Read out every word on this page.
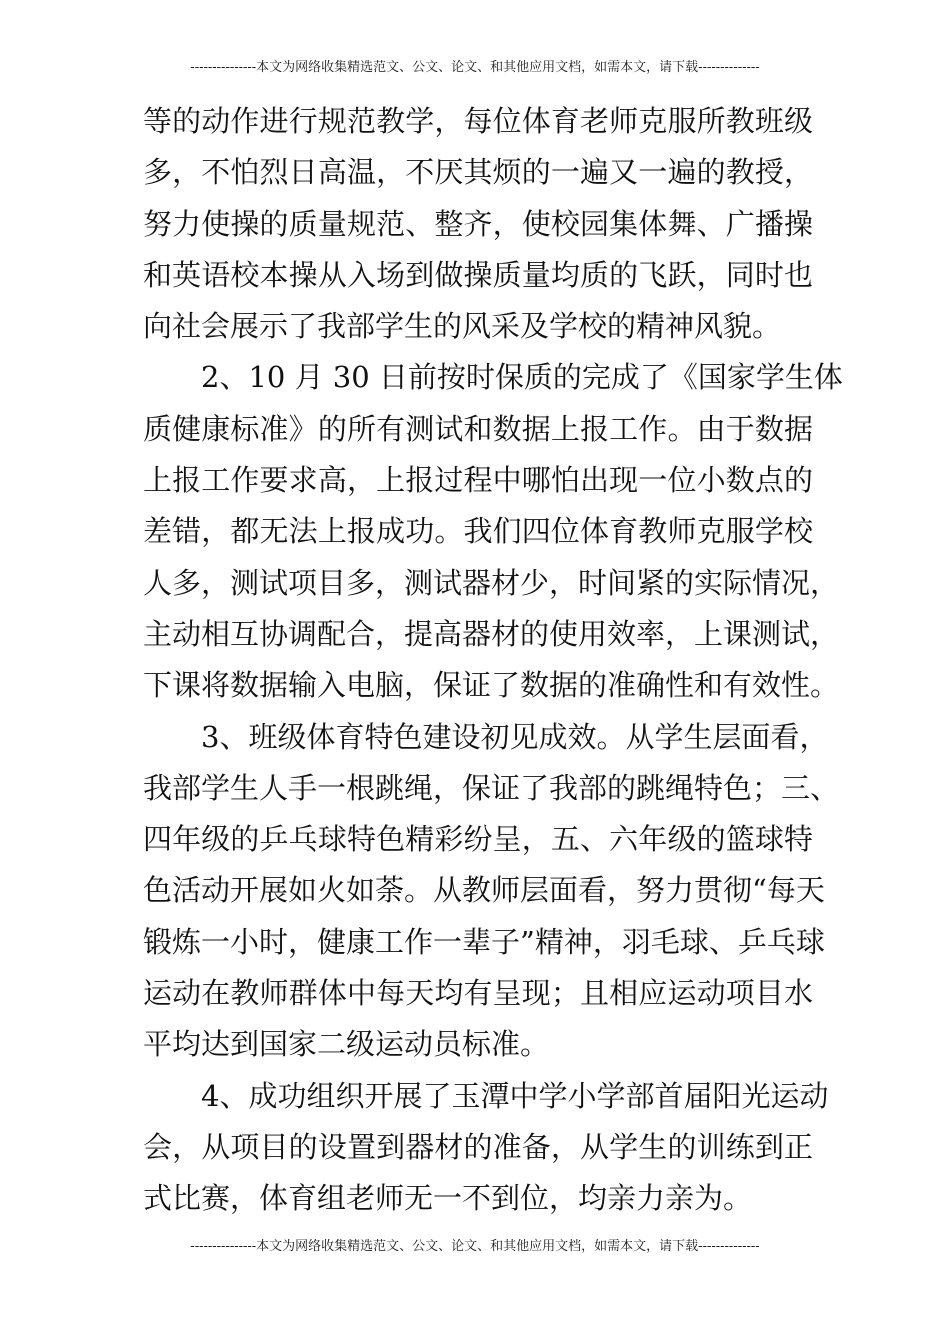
---------------本文为网络收集精选范文、公文、论文、和其他应用文档，如需本文，请下载--------------
等的动作进行规范教学，每位体育老师克服所教班级
多，不怕烈日高温，不厌其烦的一遍又一遍的教授，
努力使操的质量规范、整齐，使校园集体舞、广播操
和英语校本操从入场到做操质量均质的飞跃，同时也
向社会展示了我部学生的风采及学校的精神风貌。
2、10 月 30 日前按时保质的完成了《国家学生体
质健康标准》的所有测试和数据上报工作。由于数据
上报工作要求高，上报过程中哪怕出现一位小数点的
差错，都无法上报成功。我们四位体育教师克服学校
人多，测试项目多，测试器材少，时间紧的实际情况，
主动相互协调配合，提高器材的使用效率，上课测试，
下课将数据输入电脑，保证了数据的准确性和有效性。
3、班级体育特色建设初见成效。从学生层面看，
我部学生人手一根跳绳，保证了我部的跳绳特色；三、
四年级的乒乓球特色精彩纷呈，五、六年级的篮球特
色活动开展如火如荼。从教师层面看，努力贯彻“每天
锻炼一小时，健康工作一辈子”精神，羽毛球、乒乓球
运动在教师群体中每天均有呈现；且相应运动项目水
平均达到国家二级运动员标准。
4、成功组织开展了玉潭中学小学部首届阳光运动
会，从项目的设置到器材的准备，从学生的训练到正
式比赛，体育组老师无一不到位，均亲力亲为。
---------------本文为网络收集精选范文、公文、论文、和其他应用文档，如需本文，请下载--------------
